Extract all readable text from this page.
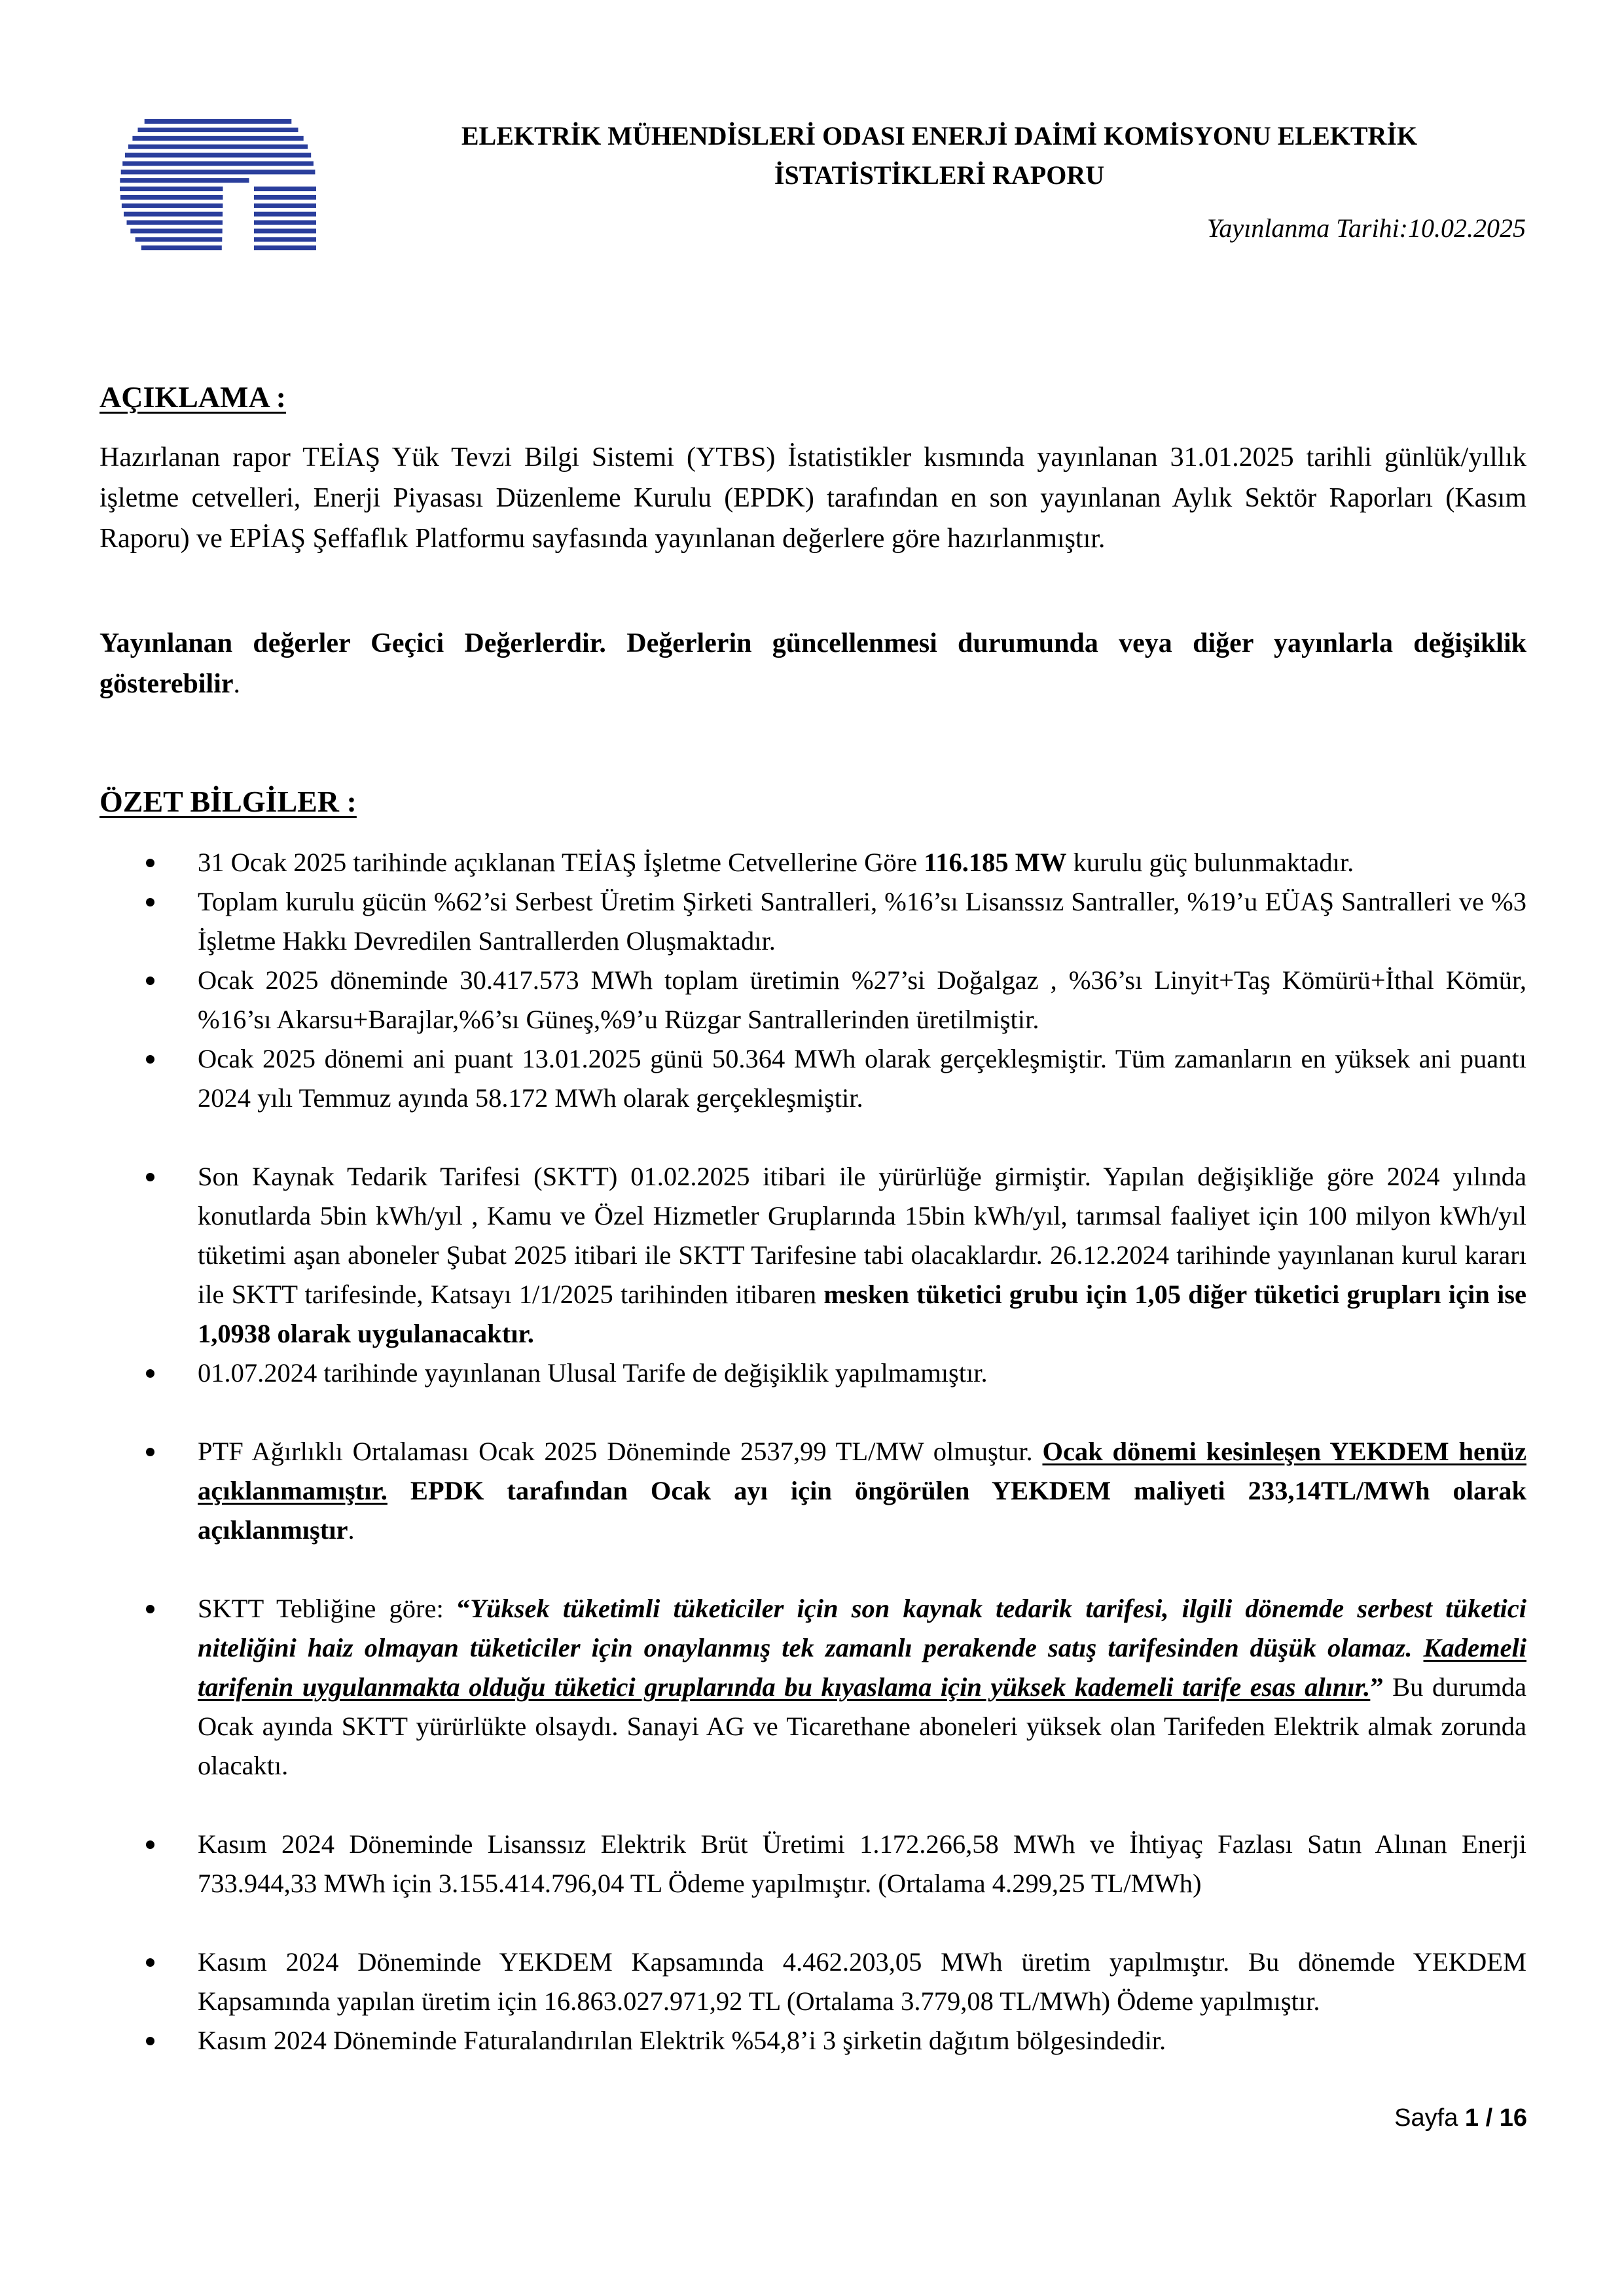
ELEKTRİK MÜHENDİSLERİ ODASI ENERJİ DAİMİ KOMİSYONU ELEKTRİK
İSTATİSTİKLERİ RAPORU
Yayınlanma Tarihi:10.02.2025
AÇIKLAMA :
Hazırlanan rapor TEİAŞ Yük Tevzi Bilgi Sistemi (YTBS) İstatistikler kısmında yayınlanan 31.01.2025 tarihli günlük/yıllık işletme cetvelleri, Enerji Piyasası Düzenleme Kurulu (EPDK) tarafından en son yayınlanan Aylık Sektör Raporları (Kasım Raporu) ve EPİAŞ Şeffaflık Platformu sayfasında yayınlanan değerlere göre hazırlanmıştır.
Yayınlanan değerler Geçici Değerlerdir. Değerlerin güncellenmesi durumunda veya diğer yayınlarla değişiklik gösterebilir.
ÖZET BİLGİLER :
31 Ocak 2025 tarihinde açıklanan TEİAŞ İşletme Cetvellerine Göre 116.185 MW kurulu güç bulunmaktadır.
Toplam kurulu gücün %62’si Serbest Üretim Şirketi Santralleri, %16’sı Lisanssız Santraller, %19’u EÜAŞ Santralleri ve %3 İşletme Hakkı Devredilen Santrallerden Oluşmaktadır.
Ocak 2025 döneminde 30.417.573 MWh toplam üretimin %27’si Doğalgaz , %36’sı Linyit+Taş Kömürü+İthal Kömür, %16’sı Akarsu+Barajlar,%6’sı Güneş,%9’u Rüzgar Santrallerinden üretilmiştir.
Ocak 2025 dönemi ani puant 13.01.2025 günü 50.364 MWh olarak gerçekleşmiştir. Tüm zamanların en yüksek ani puantı 2024 yılı Temmuz ayında 58.172 MWh olarak gerçekleşmiştir.
Son Kaynak Tedarik Tarifesi (SKTT) 01.02.2025 itibari ile yürürlüğe girmiştir. Yapılan değişikliğe göre 2024 yılında konutlarda 5bin kWh/yıl , Kamu ve Özel Hizmetler Gruplarında 15bin kWh/yıl, tarımsal faaliyet için 100 milyon kWh/yıl tüketimi aşan aboneler Şubat 2025 itibari ile SKTT Tarifesine tabi olacaklardır. 26.12.2024 tarihinde yayınlanan kurul kararı ile SKTT tarifesinde, Katsayı 1/1/2025 tarihinden itibaren mesken tüketici grubu için 1,05 diğer tüketici grupları için ise 1,0938 olarak uygulanacaktır.
01.07.2024 tarihinde yayınlanan Ulusal Tarife de değişiklik yapılmamıştır.
PTF Ağırlıklı Ortalaması Ocak 2025 Döneminde 2537,99 TL/MW olmuştur. Ocak dönemi kesinleşen YEKDEM henüz açıklanmamıştır. EPDK tarafından Ocak ayı için öngörülen YEKDEM maliyeti 233,14TL/MWh olarak açıklanmıştır.
SKTT Tebliğine göre: “Yüksek tüketimli tüketiciler için son kaynak tedarik tarifesi, ilgili dönemde serbest tüketici niteliğini haiz olmayan tüketiciler için onaylanmış tek zamanlı perakende satış tarifesinden düşük olamaz. Kademeli tarifenin uygulanmakta olduğu tüketici gruplarında bu kıyaslama için yüksek kademeli tarife esas alınır.” Bu durumda Ocak ayında SKTT yürürlükte olsaydı. Sanayi AG ve Ticarethane aboneleri yüksek olan Tarifeden Elektrik almak zorunda olacaktı.
Kasım 2024 Döneminde Lisanssız Elektrik Brüt Üretimi 1.172.266,58 MWh ve İhtiyaç Fazlası Satın Alınan Enerji 733.944,33 MWh için 3.155.414.796,04 TL Ödeme yapılmıştır. (Ortalama 4.299,25 TL/MWh)
Kasım 2024 Döneminde YEKDEM Kapsamında 4.462.203,05 MWh üretim yapılmıştır. Bu dönemde YEKDEM Kapsamında yapılan üretim için 16.863.027.971,92 TL (Ortalama 3.779,08 TL/MWh) Ödeme yapılmıştır.
Kasım 2024 Döneminde Faturalandırılan Elektrik %54,8’i 3 şirketin dağıtım bölgesindedir.
Sayfa 1 / 16
